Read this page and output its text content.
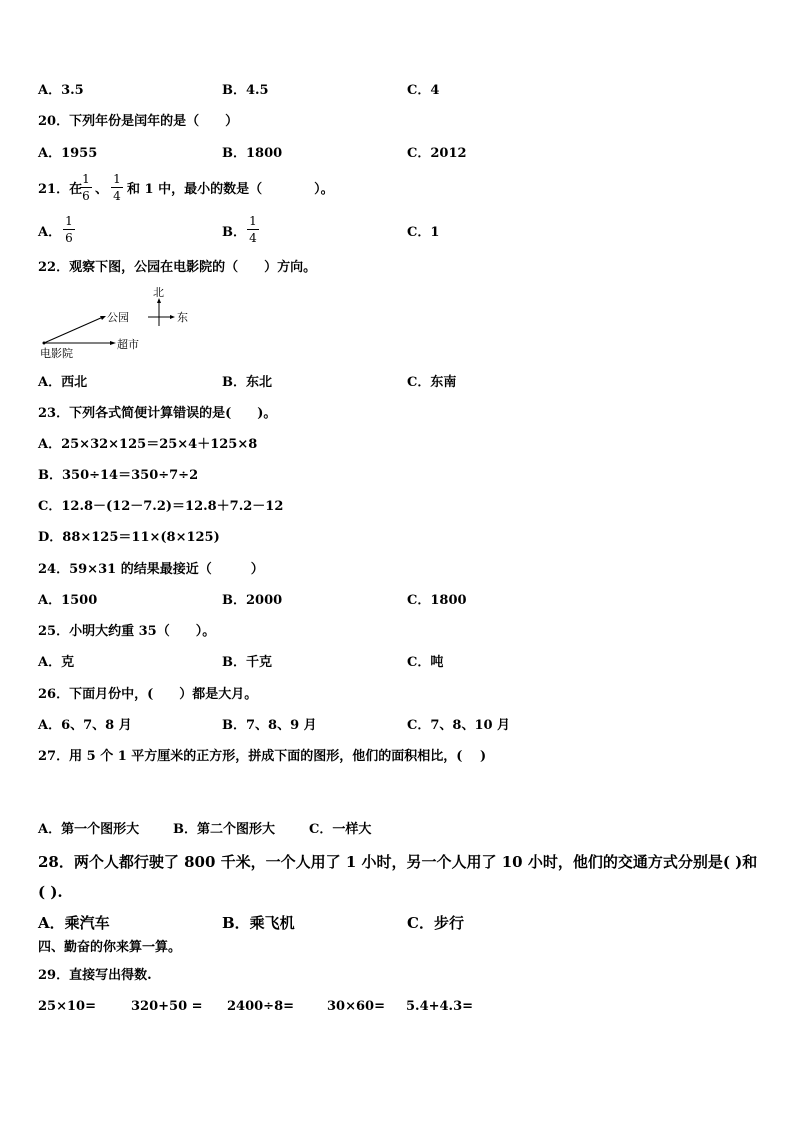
A．3.5	B．4.5	C．4
20．下列年份是闰年的是（　　）
A．1955	B．1800	C．2012
21．在
$\frac{1}{6}$ 、 $\frac{1}{4}$ 和 1 中，最小的数是（　　　　）。
A． $\frac{1}{6}$	B． $\frac{1}{4}$	C．1
22．观察下图，公园在电影院的（　　）方向。
北
东
公园
超市
电影院
A．西北	B．东北	C．东南
23．下列各式简便计算错误的是(　　)。
A．25×32×125＝25×4＋125×8
B．350÷14＝350÷7÷2
C．12.8－(12－7.2)＝12.8＋7.2－12
D．88×125＝11×(8×125)
24．59×31 的结果最接近（　　　）
A．1500	B．2000	C．1800
25．小明大约重 35（　　）。
A．克	B．千克	C．吨
26．下面月份中，(　　）都是大月。
A．6、7、8 月	B．7、8、9 月	C．7、8、10 月
27．用 5 个 1 平方厘米的正方形，拼成下面的图形，他们的面积相比，(　 )
A．第一个图形大	B．第二个图形大	C．一样大
28．两个人都行驶了 800 千米，一个人用了 1 小时，另一个人用了 10 小时，他们的交通方式分别是( )和
( ).
A．乘汽车	B．乘飞机	C．步行
四、勤奋的你来算一算。
29．直接写出得数.
25×10=	320+50 = 2400÷8=	30×60= 5.4+4.3=
